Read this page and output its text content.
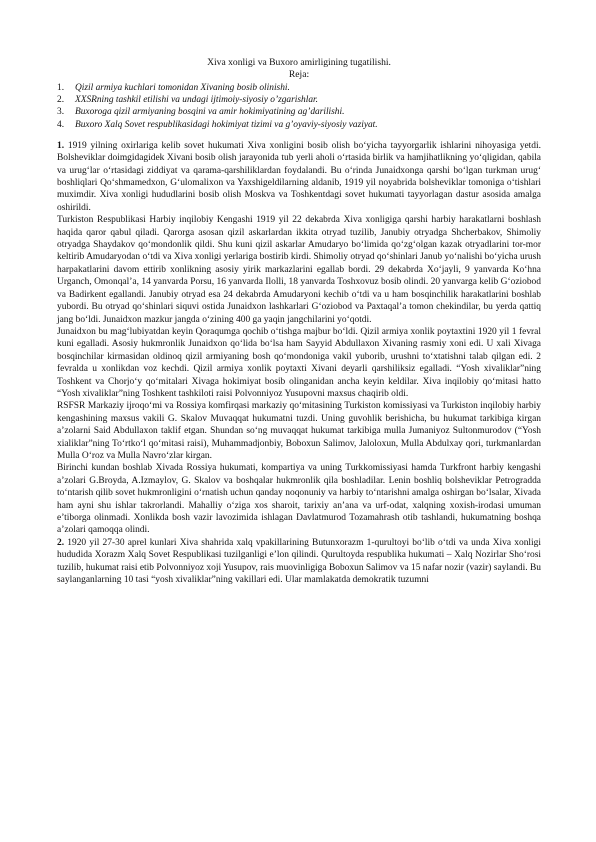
Xiva xonligi va Buxoro amirligining tugatilishi.

Reja:

1.	Qizil armiya kuchlari tomonidan Xivaning bosib olinishi.
2.	XXSRning tashkil etilishi va undagi ijtimoiy-siyosiy o’zgarishlar.
3.	Buxoroga qizil armiyaning bosqini va amir hokimiyatining ag’darilishi.
4.	Buxoro Xalq Sovet respublikasidagi hokimiyat tizimi va g’oyaviy-siyosiy vaziyat.

1. 1919 yilning oxirlariga kelib sovet hukumati Xiva xonligini bosib olish bo‘yicha tayyorgarlik ishlarini nihoyasiga yetdi. Bolsheviklar doimgidagidek Xivani bosib olish jarayonida tub yerli aholi o‘rtasida birlik va hamjihatlikning yo‘qligidan, qabila va urug‘lar o‘rtasidagi ziddiyat va qarama-qarshiliklardan foydalandi. Bu o‘rinda Junaidxonga qarshi bo‘lgan turkman urug‘ boshliqlari Qo‘shmamedxon, G‘ulomalixon va Yaxshigeldilarning aldanib, 1919 yil noyabrida bolsheviklar tomoniga o‘tishlari muximdir. Xiva xonligi hududlarini bosib olish Moskva va Toshkentdagi sovet hukumati tayyorlagan dastur asosida amalga oshirildi.

Turkiston Respublikasi Harbiy inqilobiy Kengashi 1919 yil 22 dekabrda Xiva xonligiga qarshi harbiy harakatlarni boshlash haqida qaror qabul qiladi. Qarorga asosan qizil askarlardan ikkita otryad tuzilib, Janubiy otryadga Shcherbakov, Shimoliy otryadga Shaydakov qo‘mondonlik qildi. Shu kuni qizil askarlar Amudaryo bo‘limida qo‘zg‘olgan kazak otryadlarini tor-mor keltirib Amudaryodan o‘tdi va Xiva xonligi yerlariga bostirib kirdi. Shimoliy otryad qo‘shinlari Janub yo‘nalishi bo‘yicha urush harpakatlarini davom ettirib xonlikning asosiy yirik markazlarini egallab bordi. 29 dekabrda Xo‘jayli, 9 yanvarda Ko‘hna Urganch, Omonqal’a, 14 yanvarda Porsu, 16 yanvarda Ilolli, 18 yanvarda Toshxovuz bosib olindi. 20 yanvarga kelib G‘oziobod va Badirkent egallandi. Janubiy otryad esa 24 dekabrda Amudaryoni kechib o‘tdi va u ham bosqinchilik harakatlarini boshlab yubordi. Bu otryad qo‘shinlari siquvi ostida Junaidxon lashkarlari G‘oziobod va Paxtaqal’a tomon chekindilar, bu yerda qattiq jang bo‘ldi. Junaidxon mazkur jangda o‘zining 400 ga yaqin jangchilarini yo‘qotdi.

Junaidxon bu mag‘lubiyatdan keyin Qoraqumga qochib o‘tishga majbur bo‘ldi. Qizil armiya xonlik poytaxtini 1920 yil 1 fevral kuni egalladi. Asosiy hukmronlik Junaidxon qo‘lida bo‘lsa ham Sayyid Abdullaxon Xivaning rasmiy xoni edi. U xali Xivaga bosqinchilar kirmasidan oldinoq qizil armiyaning bosh qo‘mondoniga vakil yuborib, urushni to‘xtatishni talab qilgan edi. 2 fevralda u xonlikdan voz kechdi. Qizil armiya xonlik poytaxti Xivani deyarli qarshiliksiz egalladi. “Yosh xivaliklar”ning Toshkent va Chorjo‘y qo‘mitalari Xivaga hokimiyat bosib olinganidan ancha keyin keldilar. Xiva inqilobiy qo‘mitasi hatto “Yosh xivaliklar”ning Toshkent tashkiloti raisi Polvonniyoz Yusupovni maxsus chaqirib oldi.

RSFSR Markaziy ijroqo‘mi va Rossiya komfirqasi markaziy qo‘mitasining Turkiston komissiyasi va Turkiston inqilobiy harbiy kengashining maxsus vakili G. Skalov Muvaqqat hukumatni tuzdi. Uning guvohlik berishicha, bu hukumat tarkibiga kirgan a’zolarni Said Abdullaxon taklif etgan. Shundan so‘ng muvaqqat hukumat tarkibiga mulla Jumaniyoz Sultonmurodov (“Yosh xialiklar”ning To‘rtko‘l qo‘mitasi raisi), Muhammadjonbiy, Boboxun Salimov, Jaloloxun, Mulla Abdulxay qori, turkmanlardan Mulla O‘roz va Mulla Navro‘zlar kirgan.

Birinchi kundan boshlab Xivada Rossiya hukumati, kompartiya va uning Turkkomissiyasi hamda Turkfront harbiy kengashi a’zolari G.Broyda, A.Izmaylov, G. Skalov va boshqalar hukmronlik qila boshladilar. Lenin boshliq bolsheviklar Petrogradda to‘ntarish qilib sovet hukmronligini o‘rnatish uchun qanday noqonuniy va harbiy to‘ntarishni amalga oshirgan bo‘lsalar, Xivada ham ayni shu ishlar takrorlandi. Mahalliy o‘ziga xos sharoit, tarixiy an’ana va urf-odat, xalqning xoxish-irodasi umuman e’tiborga olinmadi. Xonlikda bosh vazir lavozimida ishlagan Davlatmurod Tozamahrash otib tashlandi, hukumatning boshqa a’zolari qamoqqa olindi.

2. 1920 yil 27-30 aprel kunlari Xiva shahrida xalq vpakillarining Butunxorazm 1-qurultoyi bo‘lib o‘tdi va unda Xiva xonligi hududida Xorazm Xalq Sovet Respublikasi tuzilganligi e’lon qilindi. Qurultoyda respublika hukumati – Xalq Nozirlar Sho‘rosi tuzilib, hukumat raisi etib Polvonniyoz xoji Yusupov, rais muovinligiga Boboxun Salimov va 15 nafar nozir (vazir) saylandi. Bu saylanganlarning 10 tasi “yosh xivaliklar”ning vakillari edi. Ular mamlakatda demokratik tuzumni
